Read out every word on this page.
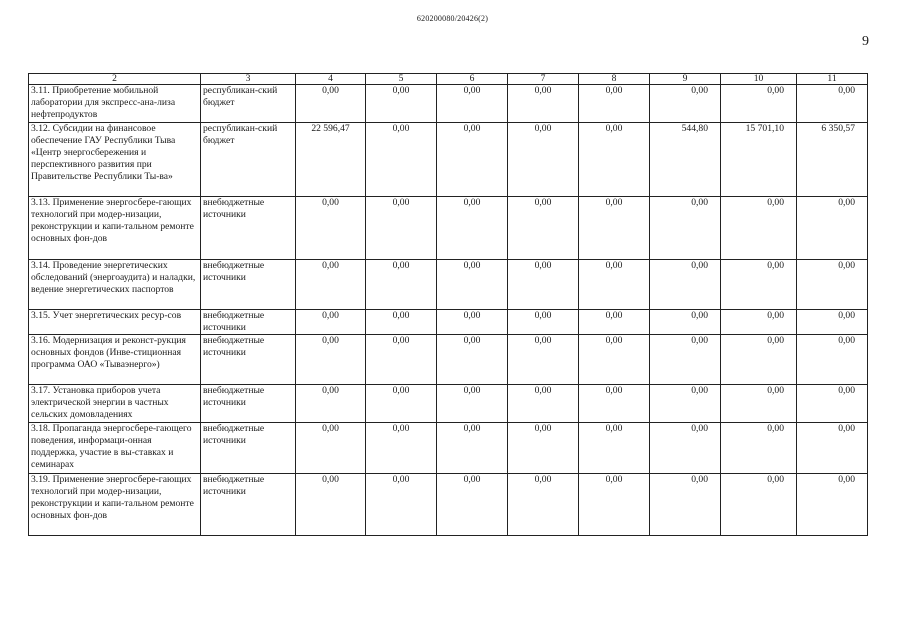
620200080/20426(2)
9
2	3	4	5	6	7	8	9	10	11
3.11. Приобретение мобильной лаборатории для экспресс-ана-лиза нефтепродуктов	республикан-ский бюджет	0,00	0,00	0,00	0,00	0,00	0,00	0,00	0,00
3.12. Субсидии на финансовое обеспечение ГАУ Республики Тыва «Центр энергосбережения и перспективного развития при Правительстве Республики Ты-ва»	республикан-ский бюджет	22 596,47	0,00	0,00	0,00	0,00	544,80	15 701,10	6 350,57
3.13. Применение энергосбере-гающих технологий при модер-низации, реконструкции и капи-тальном ремонте основных фон-дов	внебюджетные источники	0,00	0,00	0,00	0,00	0,00	0,00	0,00	0,00
3.14. Проведение энергетических обследований (энергоаудита) и наладки, ведение энергетических паспортов	внебюджетные источники	0,00	0,00	0,00	0,00	0,00	0,00	0,00	0,00
3.15. Учет энергетических ресур-сов	внебюджетные источники	0,00	0,00	0,00	0,00	0,00	0,00	0,00	0,00
3.16. Модернизация и реконст-рукция основных фондов (Инве-стиционная программа ОАО «Тываэнерго»)	внебюджетные источники	0,00	0,00	0,00	0,00	0,00	0,00	0,00	0,00
3.17. Установка приборов учета электрической энергии в частных сельских домовладениях	внебюджетные источники	0,00	0,00	0,00	0,00	0,00	0,00	0,00	0,00
3.18. Пропаганда энергосбере-гающего поведения, информаци-онная поддержка, участие в вы-ставках и семинарах	внебюджетные источники	0,00	0,00	0,00	0,00	0,00	0,00	0,00	0,00
3.19. Применение энергосбере-гающих технологий при модер-низации, реконструкции и капи-тальном ремонте основных фон-дов	внебюджетные источники	0,00	0,00	0,00	0,00	0,00	0,00	0,00	0,00
